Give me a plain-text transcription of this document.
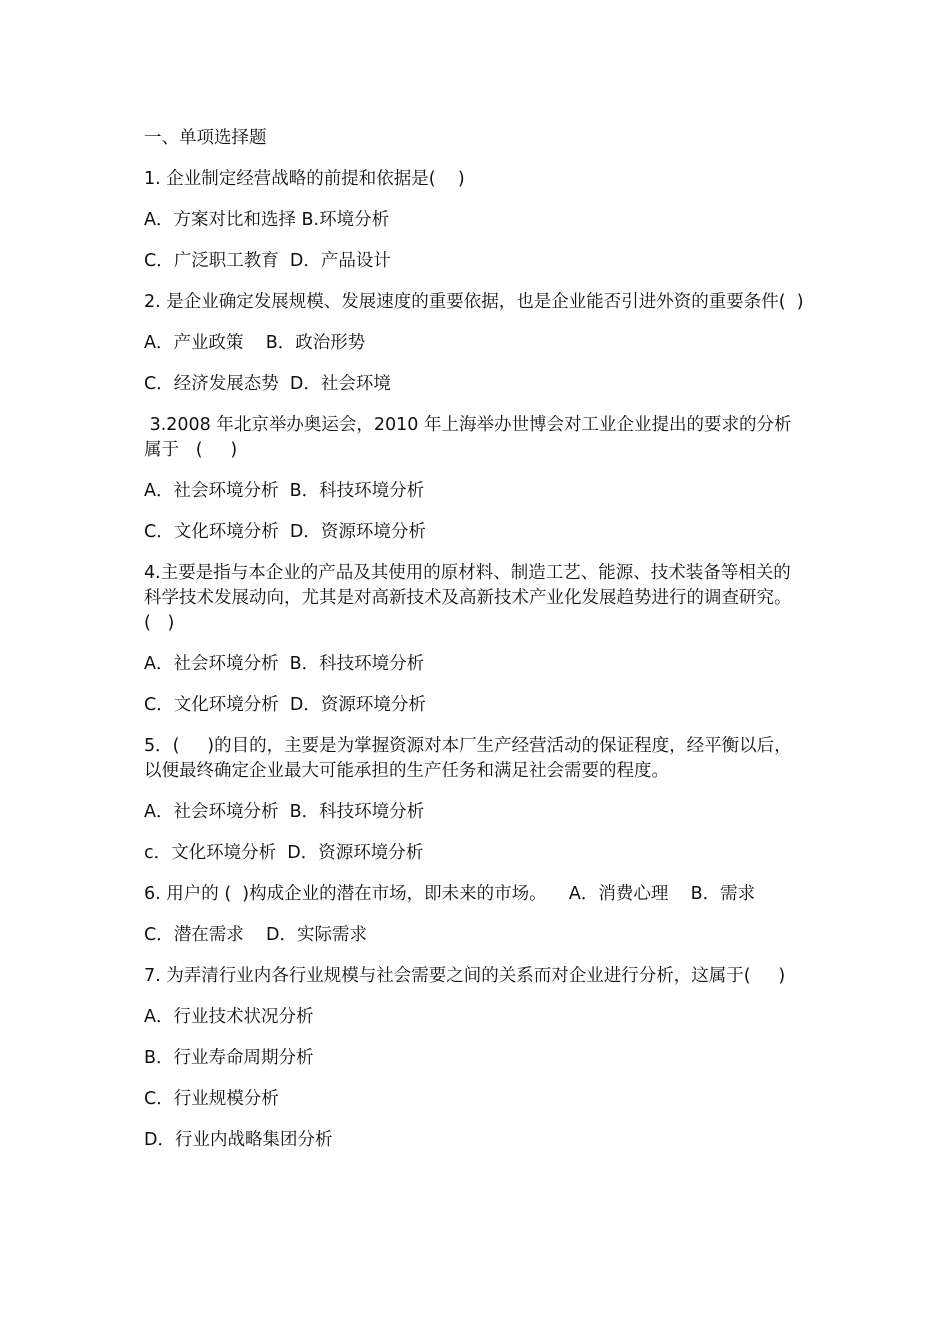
一、单项选择题
1. 企业制定经营战略的前提和依据是(    )
A．方案对比和选择 B.环境分析
C．广泛职工教育  D．产品设计
2. 是企业确定发展规模、发展速度的重要依据，也是企业能否引进外资的重要条件(  )
A．产业政策    B．政治形势
C．经济发展态势  D．社会环境
3.2008 年北京举办奥运会，2010 年上海举办世博会对工业企业提出的要求的分析属于   (     )
A．社会环境分析  B．科技环境分析
C．文化环境分析  D．资源环境分析
4.主要是指与本企业的产品及其使用的原材料、制造工艺、能源、技术装备等相关的科学技术发展动向，尤其是对高新技术及高新技术产业化发展趋势进行的调查研究。     (   )
A．社会环境分析  B．科技环境分析
C．文化环境分析  D．资源环境分析
5．(     )的目的，主要是为掌握资源对本厂生产经营活动的保证程度，经平衡以后，以便最终确定企业最大可能承担的生产任务和满足社会需要的程度。
A．社会环境分析  B．科技环境分析
c．文化环境分析  D．资源环境分析
6. 用户的 (  )构成企业的潜在市场，即未来的市场。    A．消费心理    B．需求
C．潜在需求    D．实际需求
7. 为弄清行业内各行业规模与社会需要之间的关系而对企业进行分析，这属于(     )
A．行业技术状况分析
B．行业寿命周期分析
C．行业规模分析
D．行业内战略集团分析
